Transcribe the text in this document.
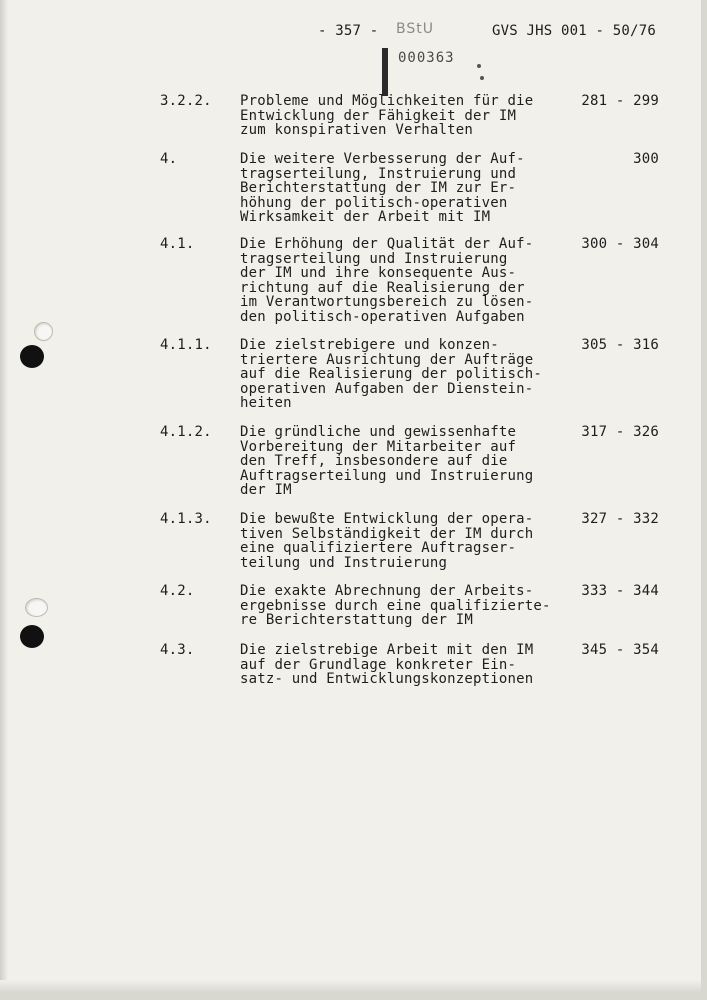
- 357 -	GVS JHS 001 - 50/76
BStU
000363
3.2.2. Probleme und Möglichkeiten für die
Entwicklung der Fähigkeit der IM
zum konspirativen Verhalten
281 - 299
4.	Die weitere Verbesserung der Auf-
tragserteilung, Instruierung und
Berichterstattung der IM zur Er-
höhung der politisch-operativen
Wirksamkeit der Arbeit mit IM
300
4.1.	Die Erhöhung der Qualität der Auf-
tragserteilung und Instruierung
der IM und ihre konsequente Aus-
richtung auf die Realisierung der
im Verantwortungsbereich zu lösen-
den politisch-operativen Aufgaben
300 - 304
4.1.1. Die zielstrebigere und konzen-
triertere Ausrichtung der Aufträge
auf die Realisierung der politisch-
operativen Aufgaben der Dienstein-
heiten
305 - 316
4.1.2. Die gründliche und gewissenhafte
Vorbereitung der Mitarbeiter auf
den Treff, insbesondere auf die
Auftragserteilung und Instruierung
der IM
317 - 326
4.1.3. Die bewußte Entwicklung der opera-
tiven Selbständigkeit der IM durch
eine qualifiziertere Auftragser-
teilung und Instruierung
327 - 332
4.2.	Die exakte Abrechnung der Arbeits-
ergebnisse durch eine qualifizierte-
re Berichterstattung der IM
333 - 344
4.3.	Die zielstrebige Arbeit mit den IM
auf der Grundlage konkreter Ein-
satz- und Entwicklungskonzeptionen
345 - 354
